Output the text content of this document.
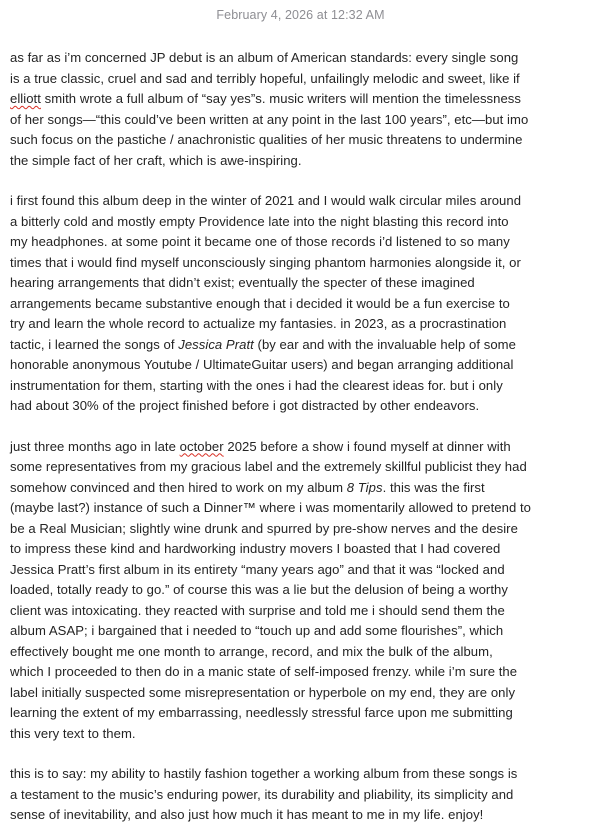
February 4, 2026 at 12:32 AM

as far as i’m concerned JP debut is an album of American standards: every single song
is a true classic, cruel and sad and terribly hopeful, unfailingly melodic and sweet, like if
elliott smith wrote a full album of “say yes”s. music writers will mention the timelessness
of her songs—“this could’ve been written at any point in the last 100 years”, etc—but imo
such focus on the pastiche / anachronistic qualities of her music threatens to undermine
the simple fact of her craft, which is awe-inspiring.

i first found this album deep in the winter of 2021 and I would walk circular miles around
a bitterly cold and mostly empty Providence late into the night blasting this record into
my headphones. at some point it became one of those records i’d listened to so many
times that i would find myself unconsciously singing phantom harmonies alongside it, or
hearing arrangements that didn’t exist; eventually the specter of these imagined
arrangements became substantive enough that i decided it would be a fun exercise to
try and learn the whole record to actualize my fantasies. in 2023, as a procrastination
tactic, i learned the songs of Jessica Pratt (by ear and with the invaluable help of some
honorable anonymous Youtube / UltimateGuitar users) and began arranging additional
instrumentation for them, starting with the ones i had the clearest ideas for. but i only
had about 30% of the project finished before i got distracted by other endeavors.

just three months ago in late october 2025 before a show i found myself at dinner with
some representatives from my gracious label and the extremely skillful publicist they had
somehow convinced and then hired to work on my album 8 Tips. this was the first
(maybe last?) instance of such a Dinner™ where i was momentarily allowed to pretend to
be a Real Musician; slightly wine drunk and spurred by pre-show nerves and the desire
to impress these kind and hardworking industry movers I boasted that I had covered
Jessica Pratt’s first album in its entirety “many years ago” and that it was “locked and
loaded, totally ready to go.” of course this was a lie but the delusion of being a worthy
client was intoxicating. they reacted with surprise and told me i should send them the
album ASAP; i bargained that i needed to “touch up and add some flourishes”, which
effectively bought me one month to arrange, record, and mix the bulk of the album,
which I proceeded to then do in a manic state of self-imposed frenzy. while i’m sure the
label initially suspected some misrepresentation or hyperbole on my end, they are only
learning the extent of my embarrassing, needlessly stressful farce upon me submitting
this very text to them.

this is to say: my ability to hastily fashion together a working album from these songs is
a testament to the music’s enduring power, its durability and pliability, its simplicity and
sense of inevitability, and also just how much it has meant to me in my life. enjoy!
